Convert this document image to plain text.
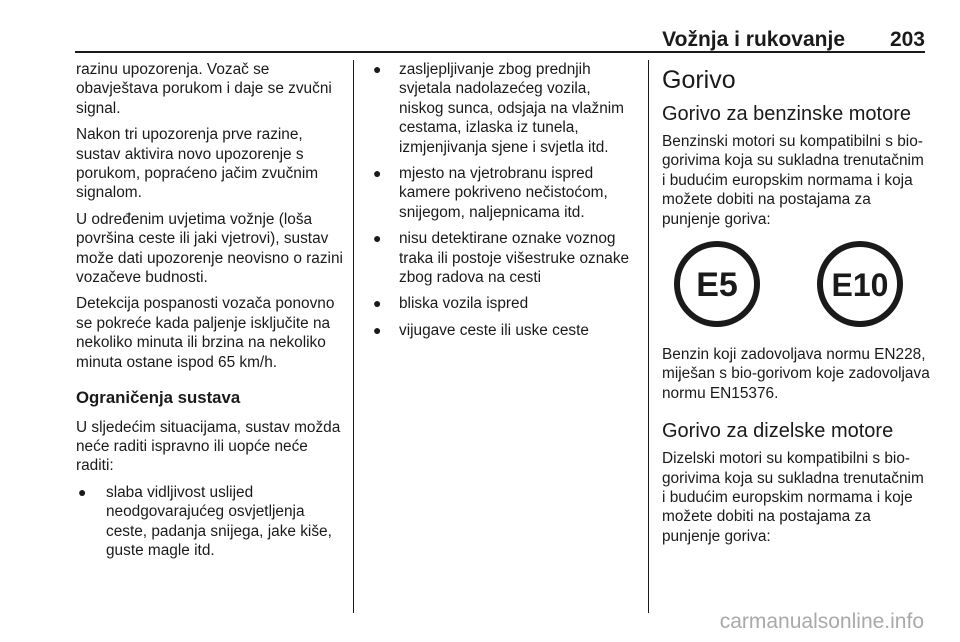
Vožnja i rukovanje 203

razinu upozorenja. Vozač se obavještava porukom i daje se zvučni signal.

Nakon tri upozorenja prve razine, sustav aktivira novo upozorenje s porukom, popraćeno jačim zvučnim signalom.

U određenim uvjetima vožnje (loša površina ceste ili jaki vjetrovi), sustav može dati upozorenje neovisno o razini vozačeve budnosti.

Detekcija pospanosti vozača ponovno se pokreće kada paljenje isključite na nekoliko minuta ili brzina na nekoliko minuta ostane ispod 65 km/h.

Ograničenja sustava

U sljedećim situacijama, sustav možda neće raditi ispravno ili uopće neće raditi:

● slaba vidljivost uslijed neodgovarajućeg osvjetljenja ceste, padanja snijega, jake kiše, guste magle itd.
● zasljepljivanje zbog prednjih svjetala nadolazećeg vozila, niskog sunca, odsjaja na vlažnim cestama, izlaska iz tunela, izmjenjivanja sjene i svjetla itd.
● mjesto na vjetrobranu ispred kamere pokriveno nečistoćom, snijegom, naljepnicama itd.
● nisu detektirane oznake voznog traka ili postoje višestruke oznake zbog radova na cesti
● bliska vozila ispred
● vijugave ceste ili uske ceste
Gorivo
Gorivo za benzinske motore

Benzinski motori su kompatibilni s bio-gorivima koja su sukladna trenutačnim i budućim europskim normama i koja možete dobiti na postajama za punjenje goriva:

E5	E10

Benzin koji zadovoljava normu EN228, miješan s bio-gorivom koje zadovoljava normu EN15376.

Gorivo za dizelske motore

Dizelski motori su kompatibilni s bio-gorivima koja su sukladna trenutačnim i budućim europskim normama i koje možete dobiti na postajama za punjenje goriva:

carmanualsonline.info
